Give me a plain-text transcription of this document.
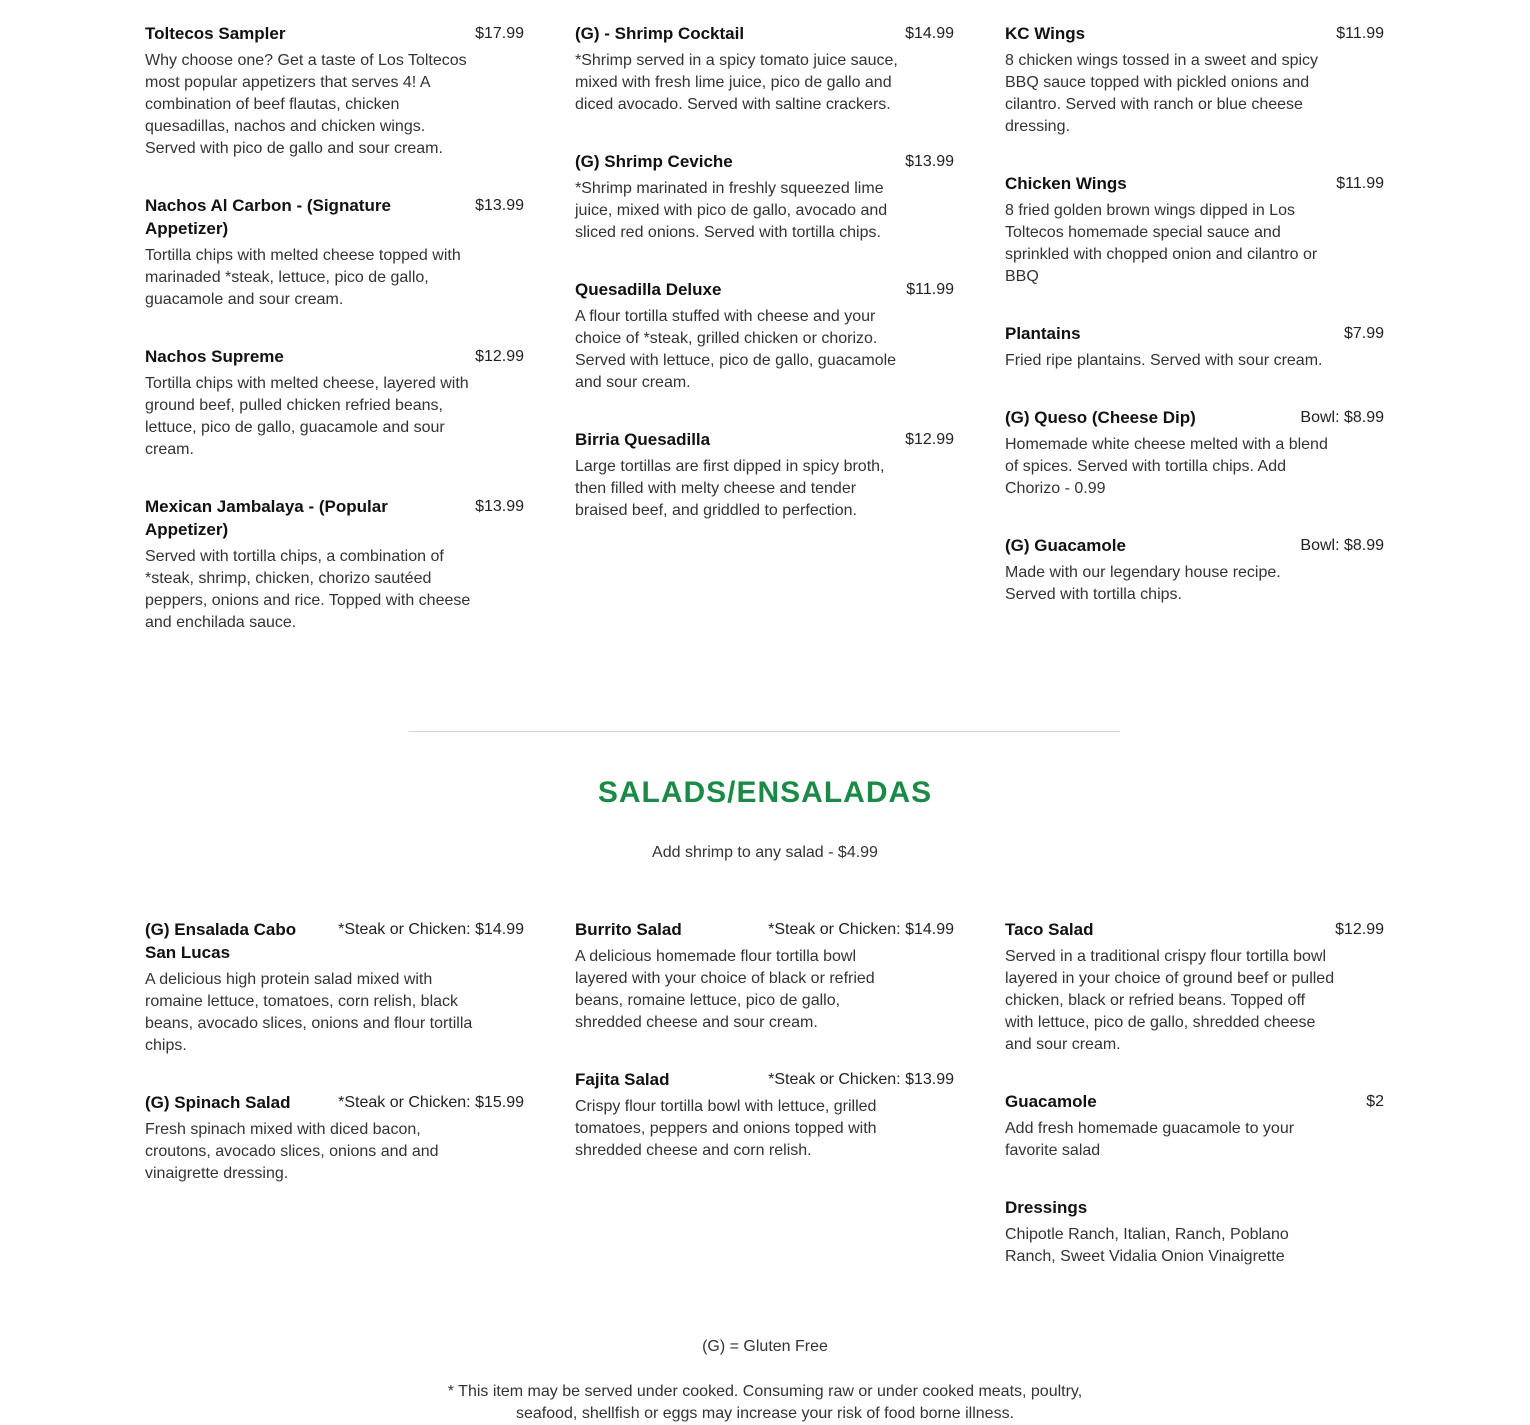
Toltecos Sampler	$17.99
Why choose one? Get a taste of Los Toltecos most popular appetizers that serves 4! A combination of beef flautas, chicken quesadillas, nachos and chicken wings. Served with pico de gallo and sour cream.
Nachos Al Carbon - (Signature Appetizer)
$13.99
Tortilla chips with melted cheese topped with marinaded *steak, lettuce, pico de gallo, guacamole and sour cream.
Nachos Supreme	$12.99
Tortilla chips with melted cheese, layered with ground beef, pulled chicken refried beans, lettuce, pico de gallo, guacamole and sour cream.
Mexican Jambalaya - (Popular Appetizer)
$13.99
Served with tortilla chips, a combination of *steak, shrimp, chicken, chorizo sautéed peppers, onions and rice. Topped with cheese and enchilada sauce.
(G) - Shrimp Cocktail	$14.99
*Shrimp served in a spicy tomato juice sauce, mixed with fresh lime juice, pico de gallo and diced avocado. Served with saltine crackers.
(G) Shrimp Ceviche	$13.99
*Shrimp marinated in freshly squeezed lime juice, mixed with pico de gallo, avocado and sliced red onions. Served with tortilla chips.
Quesadilla Deluxe	$11.99
A flour tortilla stuffed with cheese and your choice of *steak, grilled chicken or chorizo. Served with lettuce, pico de gallo, guacamole and sour cream.
Birria Quesadilla	$12.99
Large tortillas are first dipped in spicy broth, then filled with melty cheese and tender braised beef, and griddled to perfection.
KC Wings	$11.99
8 chicken wings tossed in a sweet and spicy BBQ sauce topped with pickled onions and cilantro. Served with ranch or blue cheese dressing.
Chicken Wings	$11.99
8 fried golden brown wings dipped in Los Toltecos homemade special sauce and sprinkled with chopped onion and cilantro or BBQ
Plantains	$7.99
Fried ripe plantains. Served with sour cream.
(G) Queso (Cheese Dip)	Bowl: $8.99
Homemade white cheese melted with a blend of spices. Served with tortilla chips. Add Chorizo - 0.99
(G) Guacamole	Bowl: $8.99
Made with our legendary house recipe. Served with tortilla chips.
SALADS/ENSALADAS
Add shrimp to any salad - $4.99
(G) Ensalada Cabo San Lucas
*Steak or Chicken: $14.99
A delicious high protein salad mixed with romaine lettuce, tomatoes, corn relish, black beans, avocado slices, onions and flour tortilla chips.
(G) Spinach Salad	*Steak or Chicken: $15.99
Fresh spinach mixed with diced bacon, croutons, avocado slices, onions and and vinaigrette dressing.
Burrito Salad	*Steak or Chicken: $14.99
A delicious homemade flour tortilla bowl layered with your choice of black or refried beans, romaine lettuce, pico de gallo, shredded cheese and sour cream.
Fajita Salad	*Steak or Chicken: $13.99
Crispy flour tortilla bowl with lettuce, grilled tomatoes, peppers and onions topped with shredded cheese and corn relish.
Taco Salad	$12.99
Served in a traditional crispy flour tortilla bowl layered in your choice of ground beef or pulled chicken, black or refried beans. Topped off with lettuce, pico de gallo, shredded cheese and sour cream.
Guacamole	$2
Add fresh homemade guacamole to your favorite salad
Dressings
Chipotle Ranch, Italian, Ranch, Poblano Ranch, Sweet Vidalia Onion Vinaigrette
(G) = Gluten Free
* This item may be served under cooked. Consuming raw or under cooked meats, poultry,
seafood, shellfish or eggs may increase your risk of food borne illness.
